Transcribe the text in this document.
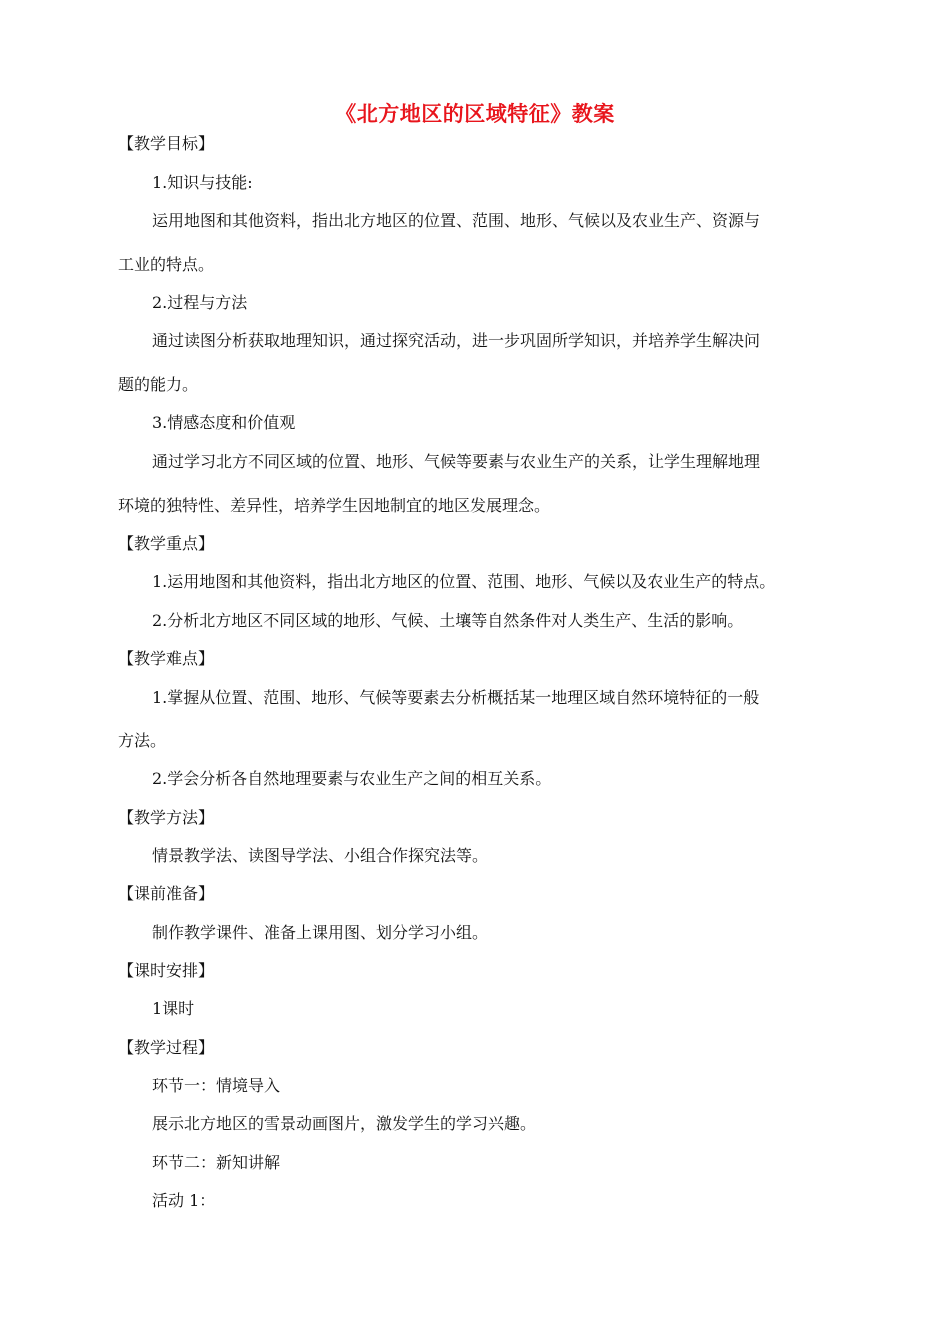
《北方地区的区域特征》教案

【教学目标】

1.知识与技能:

运用地图和其他资料，指出北方地区的位置、范围、地形、气候以及农业生产、资源与

工业的特点。

2.过程与方法

通过读图分析获取地理知识，通过探究活动，进一步巩固所学知识，并培养学生解决问

题的能力。

3.情感态度和价值观

通过学习北方不同区域的位置、地形、气候等要素与农业生产的关系，让学生理解地理

环境的独特性、差异性，培养学生因地制宜的地区发展理念。

【教学重点】

1.运用地图和其他资料，指出北方地区的位置、范围、地形、气候以及农业生产的特点。

2.分析北方地区不同区域的地形、气候、土壤等自然条件对人类生产、生活的影响。

【教学难点】

1.掌握从位置、范围、地形、气候等要素去分析概括某一地理区域自然环境特征的一般

方法。

2.学会分析各自然地理要素与农业生产之间的相互关系。

【教学方法】

情景教学法、读图导学法、小组合作探究法等。

【课前准备】

制作教学课件、准备上课用图、划分学习小组。

【课时安排】

1课时

【教学过程】

环节一：情境导入

展示北方地区的雪景动画图片，激发学生的学习兴趣。

环节二：新知讲解

活动 1：
